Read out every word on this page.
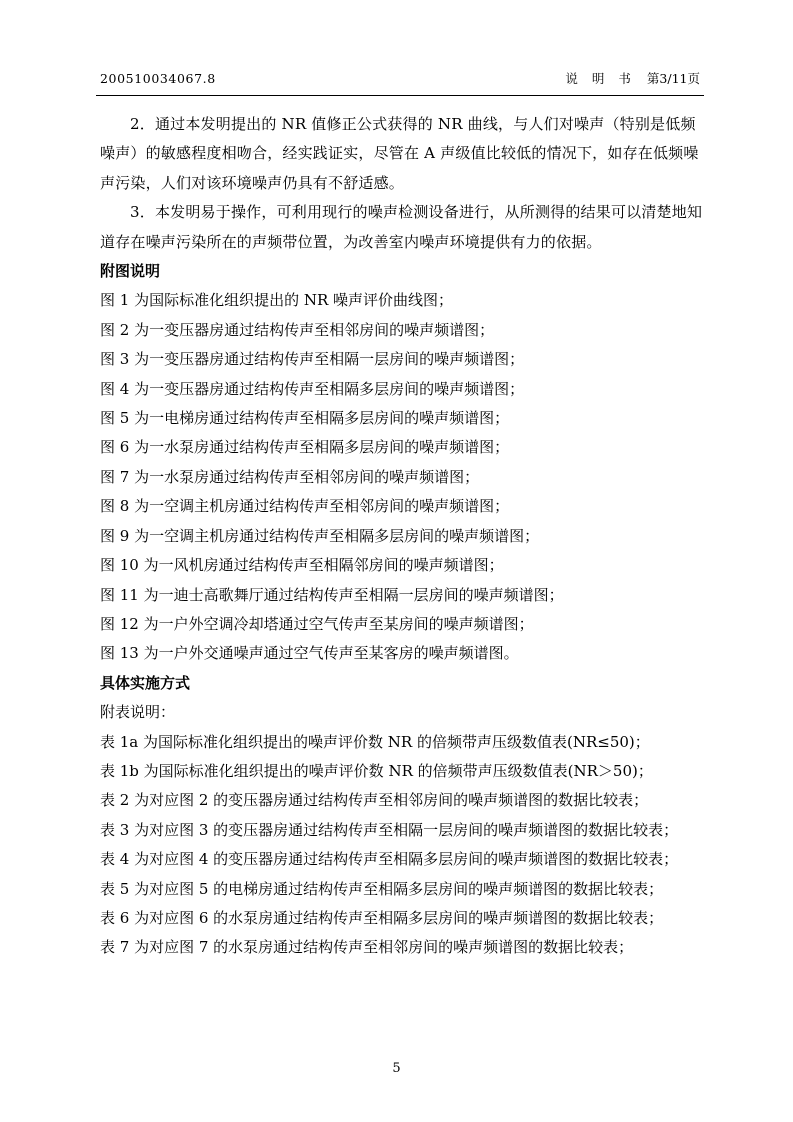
200510034067.8	说 明 书 第3/11页

2．通过本发明提出的 NR 值修正公式获得的 NR 曲线，与人们对噪声（特别是低频噪声）的敏感程度相吻合，经实践证实，尽管在 A 声级值比较低的情况下，如存在低频噪声污染，人们对该环境噪声仍具有不舒适感。

3．本发明易于操作，可利用现行的噪声检测设备进行，从所测得的结果可以清楚地知道存在噪声污染所在的声频带位置，为改善室内噪声环境提供有力的依据。

附图说明

图 1 为国际标准化组织提出的 NR 噪声评价曲线图；

图 2 为一变压器房通过结构传声至相邻房间的噪声频谱图；

图 3 为一变压器房通过结构传声至相隔一层房间的噪声频谱图；

图 4 为一变压器房通过结构传声至相隔多层房间的噪声频谱图；

图 5 为一电梯房通过结构传声至相隔多层房间的噪声频谱图；

图 6 为一水泵房通过结构传声至相隔多层房间的噪声频谱图；

图 7 为一水泵房通过结构传声至相邻房间的噪声频谱图；

图 8 为一空调主机房通过结构传声至相邻房间的噪声频谱图；

图 9 为一空调主机房通过结构传声至相隔多层房间的噪声频谱图；

图 10 为一风机房通过结构传声至相隔邻房间的噪声频谱图；

图 11 为一迪士高歌舞厅通过结构传声至相隔一层房间的噪声频谱图；

图 12 为一户外空调冷却塔通过空气传声至某房间的噪声频谱图；

图 13 为一户外交通噪声通过空气传声至某客房的噪声频谱图。

具体实施方式

附表说明：

表 1a 为国际标准化组织提出的噪声评价数 NR 的倍频带声压级数值表(NR≤50)；

表 1b 为国际标准化组织提出的噪声评价数 NR 的倍频带声压级数值表(NR＞50)；

表 2 为对应图 2 的变压器房通过结构传声至相邻房间的噪声频谱图的数据比较表；

表 3 为对应图 3 的变压器房通过结构传声至相隔一层房间的噪声频谱图的数据比较表；

表 4 为对应图 4 的变压器房通过结构传声至相隔多层房间的噪声频谱图的数据比较表；

表 5 为对应图 5 的电梯房通过结构传声至相隔多层房间的噪声频谱图的数据比较表；

表 6 为对应图 6 的水泵房通过结构传声至相隔多层房间的噪声频谱图的数据比较表；

表 7 为对应图 7 的水泵房通过结构传声至相邻房间的噪声频谱图的数据比较表；

5
